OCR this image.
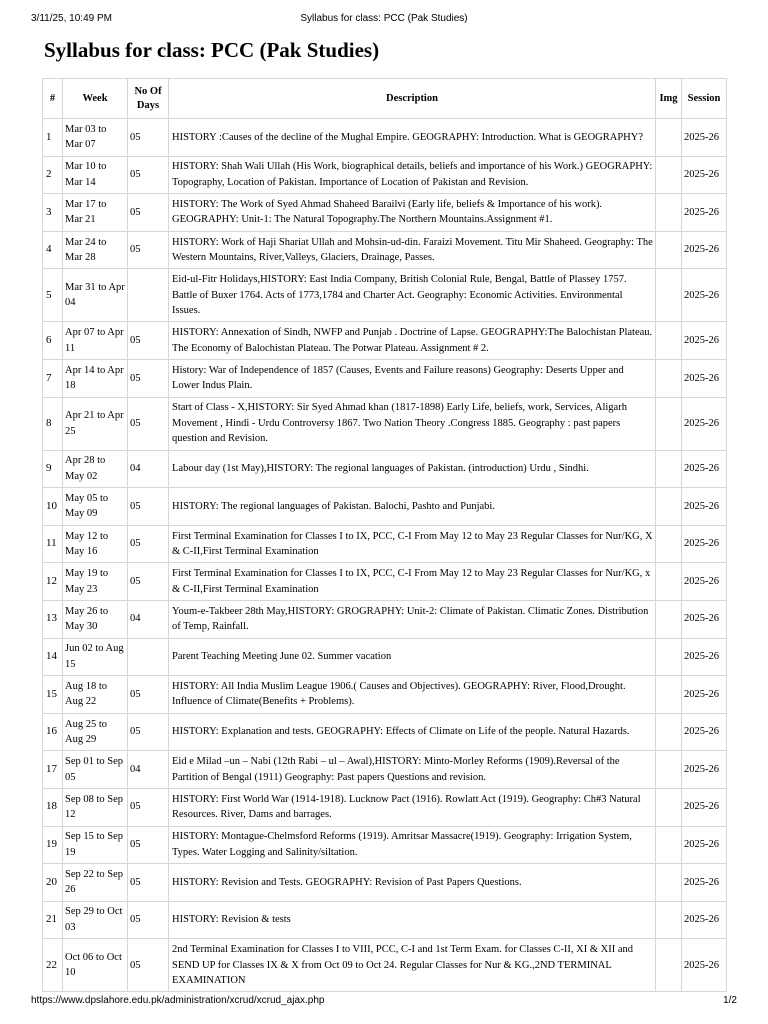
3/11/25, 10:49 PM	Syllabus for class: PCC (Pak Studies)
Syllabus for class: PCC (Pak Studies)
#	Week	No Of Days	Description	Img	Session
1	Mar 03 to Mar 07	05	HISTORY :Causes of the decline of the Mughal Empire. GEOGRAPHY: Introduction. What is GEOGRAPHY?		2025-26
2	Mar 10 to Mar 14	05	HISTORY: Shah Wali Ullah (His Work, biographical details, beliefs and importance of his Work.) GEOGRAPHY: Topography, Location of Pakistan. Importance of Location of Pakistan and Revision.		2025-26
3	Mar 17 to Mar 21	05	HISTORY: The Work of Syed Ahmad Shaheed Barailvi (Early life, beliefs & Importance of his work). GEOGRAPHY: Unit-1: The Natural Topography.The Northern Mountains.Assignment #1.		2025-26
4	Mar 24 to Mar 28	05	HISTORY: Work of Haji Shariat Ullah and Mohsin-ud-din. Faraizi Movement. Titu Mir Shaheed. Geography: The Western Mountains, River,Valleys, Glaciers, Drainage, Passes.		2025-26
5	Mar 31 to Apr 04		Eid-ul-Fitr Holidays,HISTORY: East India Company, British Colonial Rule, Bengal, Battle of Plassey 1757. Battle of Buxer 1764. Acts of 1773,1784 and Charter Act. Geography: Economic Activities. Environmental Issues.		2025-26
6	Apr 07 to Apr 11	05	HISTORY: Annexation of Sindh, NWFP and Punjab . Doctrine of Lapse. GEOGRAPHY:The Balochistan Plateau. The Economy of Balochistan Plateau. The Potwar Plateau. Assignment # 2.		2025-26
7	Apr 14 to Apr 18	05	History: War of Independence of 1857 (Causes, Events and Failure reasons) Geography: Deserts Upper and Lower Indus Plain.		2025-26
8	Apr 21 to Apr 25	05	Start of Class - X,HISTORY: Sir Syed Ahmad khan (1817-1898) Early Life, beliefs, work, Services, Aligarh Movement , Hindi - Urdu Controversy 1867. Two Nation Theory .Congress 1885. Geography : past papers question and Revision.		2025-26
9	Apr 28 to May 02	04	Labour day (1st May),HISTORY: The regional languages of Pakistan. (introduction) Urdu , Sindhi.		2025-26
10	May 05 to May 09	05	HISTORY: The regional languages of Pakistan. Balochi, Pashto and Punjabi.		2025-26
11	May 12 to May 16	05	First Terminal Examination for Classes I to IX, PCC, C-I From May 12 to May 23 Regular Classes for Nur/KG, X & C-II,First Terminal Examination		2025-26
12	May 19 to May 23	05	First Terminal Examination for Classes I to IX, PCC, C-I From May 12 to May 23 Regular Classes for Nur/KG, x & C-II,First Terminal Examination		2025-26
13	May 26 to May 30	04	Youm-e-Takbeer 28th May,HISTORY: GROGRAPHY: Unit-2: Climate of Pakistan. Climatic Zones. Distribution of Temp, Rainfall.		2025-26
14	Jun 02 to Aug 15		Parent Teaching Meeting June 02. Summer vacation		2025-26
15	Aug 18 to Aug 22	05	HISTORY: All India Muslim League 1906.( Causes and Objectives). GEOGRAPHY: River, Flood,Drought. Influence of Climate(Benefits + Problems).		2025-26
16	Aug 25 to Aug 29	05	HISTORY: Explanation and tests. GEOGRAPHY: Effects of Climate on Life of the people. Natural Hazards.		2025-26
17	Sep 01 to Sep 05	04	Eid e Milad –un – Nabi (12th Rabi – ul – Awal),HISTORY: Minto-Morley Reforms (1909).Reversal of the Partition of Bengal (1911) Geography: Past papers Questions and revision.		2025-26
18	Sep 08 to Sep 12	05	HISTORY: First World War (1914-1918). Lucknow Pact (1916). Rowlatt Act (1919). Geography: Ch#3 Natural Resources. River, Dams and barrages.		2025-26
19	Sep 15 to Sep 19	05	HISTORY: Montague-Chelmsford Reforms (1919). Amritsar Massacre(1919). Geography: Irrigation System, Types. Water Logging and Salinity/siltation.		2025-26
20	Sep 22 to Sep 26	05	HISTORY: Revision and Tests. GEOGRAPHY: Revision of Past Papers Questions.		2025-26
21	Sep 29 to Oct 03	05	HISTORY: Revision & tests		2025-26
22	Oct 06 to Oct 10	05	2nd Terminal Examination for Classes I to VIII, PCC, C-I and 1st Term Exam. for Classes C-II, XI & XII and SEND UP for Classes IX & X from Oct 09 to Oct 24. Regular Classes for Nur & KG.,2ND TERMINAL EXAMINATION		2025-26
https://www.dpslahore.edu.pk/administration/xcrud/xcrud_ajax.php	1/2
